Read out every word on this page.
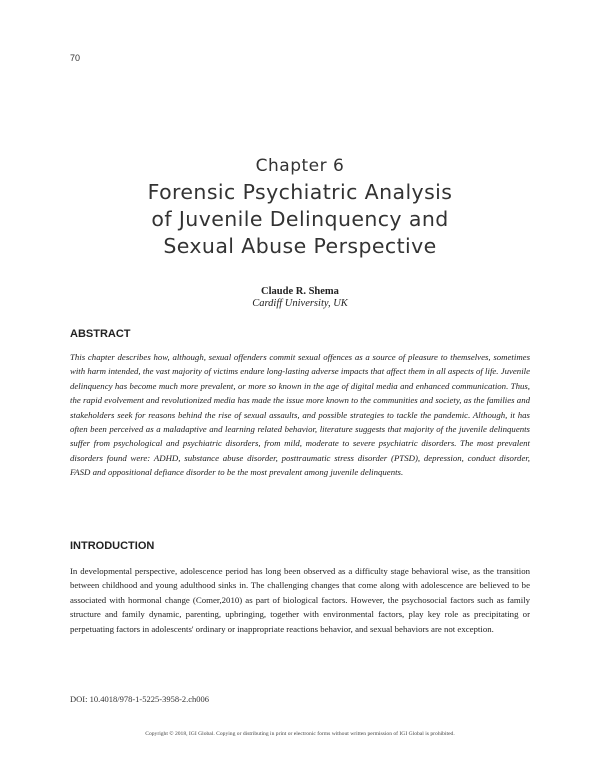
70
Chapter 6
Forensic Psychiatric Analysis
of Juvenile Delinquency and
Sexual Abuse Perspective
Claude R. Shema
Cardiff University, UK
ABSTRACT
This chapter describes how, although, sexual offenders commit sexual offences as a source of pleasure to themselves, sometimes with harm intended, the vast majority of victims endure long-lasting adverse impacts that affect them in all aspects of life. Juvenile delinquency has become much more prevalent, or more so known in the age of digital media and enhanced communication. Thus, the rapid evolvement and revolutionized media has made the issue more known to the communities and society, as the families and stakeholders seek for reasons behind the rise of sexual assaults, and possible strategies to tackle the pandemic. Although, it has often been perceived as a maladaptive and learning related behavior, literature suggests that majority of the juvenile delinquents suffer from psychological and psychiatric disorders, from mild, moderate to severe psychiatric disorders. The most prevalent disorders found were: ADHD, substance abuse disorder, posttraumatic stress disorder (PTSD), depression, conduct disorder, FASD and oppositional defiance disorder to be the most prevalent among juvenile delinquents.
INTRODUCTION
In developmental perspective, adolescence period has long been observed as a difficulty stage behavioral wise, as the transition between childhood and young adulthood sinks in. The challenging changes that come along with adolescence are believed to be associated with hormonal change (Comer,2010) as part of biological factors. However, the psychosocial factors such as family structure and family dynamic, parenting, upbringing, together with environmental factors, play key role as precipitating or perpetuating factors in adolescents' ordinary or inappropriate reactions behavior, and sexual behaviors are not exception.
DOI: 10.4018/978-1-5225-3958-2.ch006
Copyright © 2018, IGI Global. Copying or distributing in print or electronic forms without written permission of IGI Global is prohibited.
